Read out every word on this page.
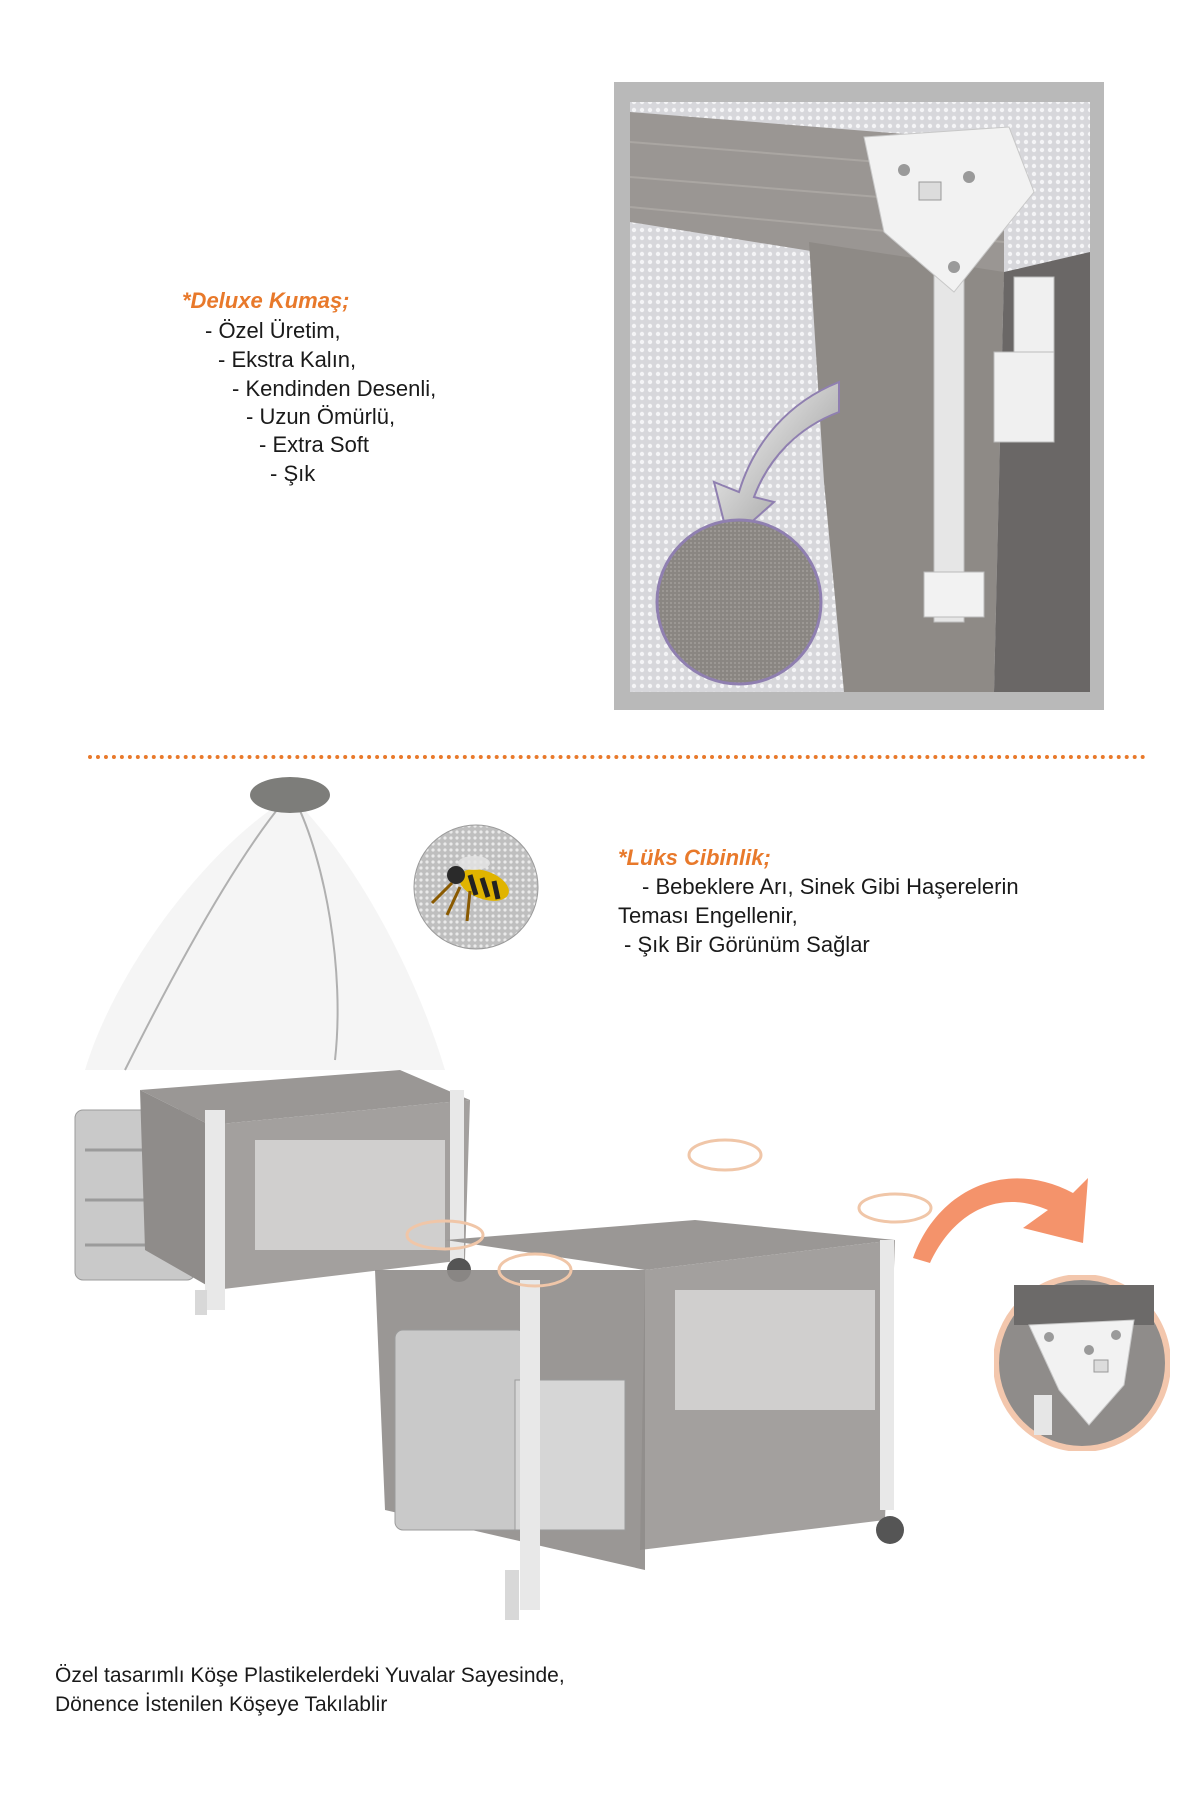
*Deluxe Kumaş;
- Özel Üretim,
- Ekstra Kalın,
- Kendinden Desenli,
- Uzun Ömürlü,
- Extra Soft
- Şık
*Lüks Cibinlik;
- Bebeklere Arı, Sinek Gibi Haşerelerin
Teması Engellenir,
- Şık Bir Görünüm Sağlar
Özel tasarımlı Köşe Plastikelerdeki Yuvalar Sayesinde,
Dönence İstenilen Köşeye Takılablir
